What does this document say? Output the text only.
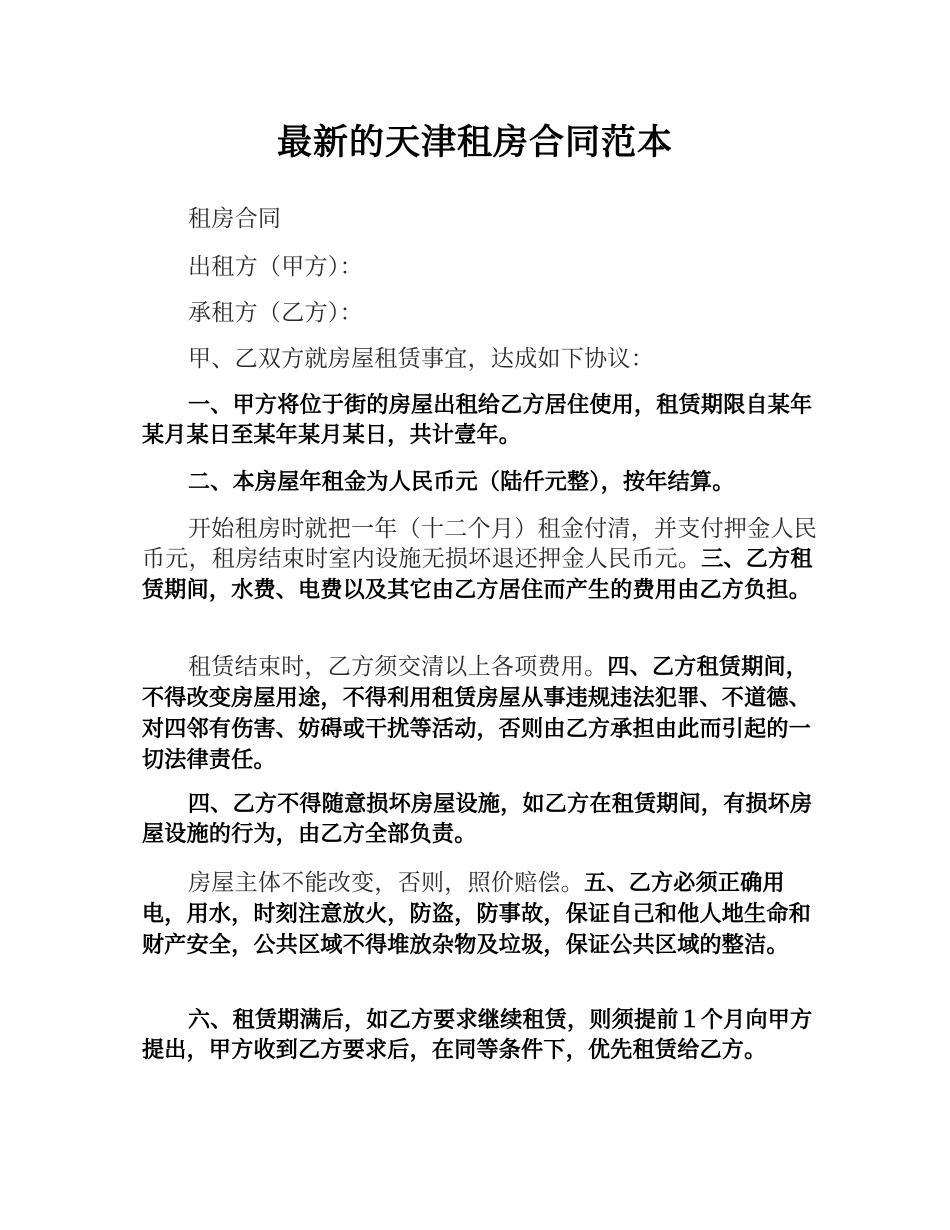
最新的天津租房合同范本

租房合同

出租方（甲方）：

承租方（乙方）：

甲、乙双方就房屋租赁事宜，达成如下协议：

一、甲方将位于街的房屋出租给乙方居住使用，租赁期限自某年某月某日至某年某月某日，共计壹年。

二、本房屋年租金为人民币元（陆仟元整），按年结算。

开始租房时就把一年（十二个月）租金付清，并支付押金人民币元，租房结束时室内设施无损坏退还押金人民币元。三、乙方租赁期间，水费、电费以及其它由乙方居住而产生的费用由乙方负担。

租赁结束时，乙方须交清以上各项费用。四、乙方租赁期间，不得改变房屋用途，不得利用租赁房屋从事违规违法犯罪、不道德、对四邻有伤害、妨碍或干扰等活动，否则由乙方承担由此而引起的一切法律责任。

四、乙方不得随意损坏房屋设施，如乙方在租赁期间，有损坏房屋设施的行为，由乙方全部负责。

房屋主体不能改变，否则，照价赔偿。五、乙方必须正确用电，用水，时刻注意放火，防盗，防事故，保证自己和他人地生命和财产安全，公共区域不得堆放杂物及垃圾，保证公共区域的整洁。

六、租赁期满后，如乙方要求继续租赁，则须提前１个月向甲方提出，甲方收到乙方要求后，在同等条件下，优先租赁给乙方。
